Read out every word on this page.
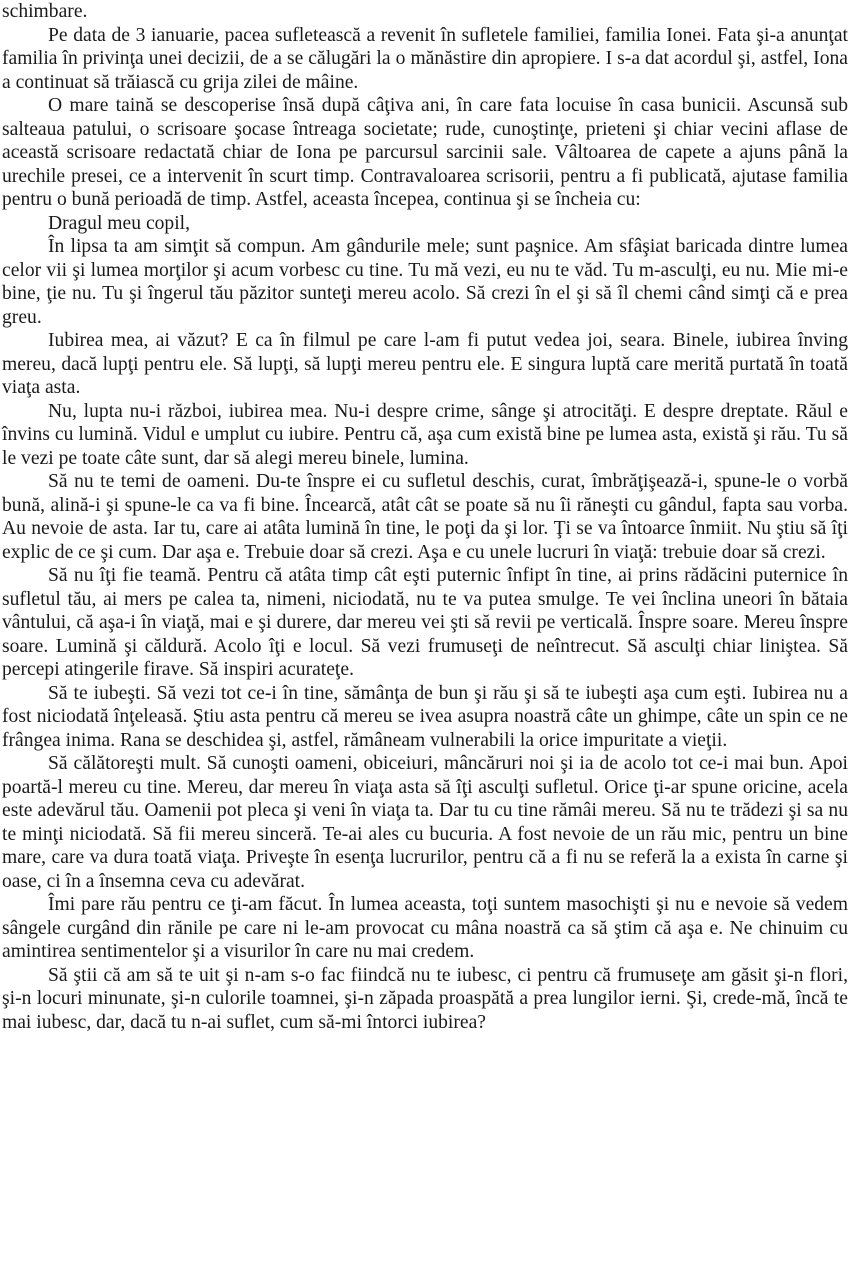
schimbare.

Pe data de 3 ianuarie, pacea sufletească a revenit în sufletele familiei, familia Ionei. Fata şi-a anunţat familia în privinţa unei decizii, de a se călugări la o mănăstire din apropiere. I s-a dat acordul şi, astfel, Iona a continuat să trăiască cu grija zilei de mâine.

O mare taină se descoperise însă după câţiva ani, în care fata locuise în casa bunicii. Ascunsă sub salteaua patului, o scrisoare şocase întreaga societate; rude, cunoştinţe, prieteni şi chiar vecini aflase de această scrisoare redactată chiar de Iona pe parcursul sarcinii sale. Vâltoarea de capete a ajuns până la urechile presei, ce a intervenit în scurt timp. Contravaloarea scrisorii, pentru a fi publicată, ajutase familia pentru o bună perioadă de timp. Astfel, aceasta începea, continua şi se încheia cu:

Dragul meu copil,

În lipsa ta am simţit să compun. Am gândurile mele; sunt paşnice. Am sfâşiat baricada dintre lumea celor vii şi lumea morţilor şi acum vorbesc cu tine. Tu mă vezi, eu nu te văd. Tu m-asculţi, eu nu. Mie mi-e bine, ţie nu. Tu şi îngerul tău păzitor sunteţi mereu acolo. Să crezi în el şi să îl chemi când simţi că e prea greu.

Iubirea mea, ai văzut? E ca în filmul pe care l-am fi putut vedea joi, seara. Binele, iubirea înving mereu, dacă lupţi pentru ele. Să lupţi, să lupţi mereu pentru ele. E singura luptă care merită purtată în toată viaţa asta.

Nu, lupta nu-i război, iubirea mea. Nu-i despre crime, sânge şi atrocităţi. E despre dreptate. Răul e învins cu lumină. Vidul e umplut cu iubire. Pentru că, aşa cum există bine pe lumea asta, există şi rău. Tu să le vezi pe toate câte sunt, dar să alegi mereu binele, lumina.

Să nu te temi de oameni. Du-te înspre ei cu sufletul deschis, curat, îmbrăţişează-i, spune-le o vorbă bună, alină-i şi spune-le ca va fi bine. Încearcă, atât cât se poate să nu îi răneşti cu gândul, fapta sau vorba. Au nevoie de asta. Iar tu, care ai atâta lumină în tine, le poţi da şi lor. Ţi se va întoarce înmiit. Nu ştiu să îţi explic de ce şi cum. Dar aşa e. Trebuie doar să crezi. Aşa e cu unele lucruri în viaţă: trebuie doar să crezi.

Să nu îţi fie teamă. Pentru că atâta timp cât eşti puternic înfipt în tine, ai prins rădăcini puternice în sufletul tău, ai mers pe calea ta, nimeni, niciodată, nu te va putea smulge. Te vei înclina uneori în bătaia vântului, că aşa-i în viaţă, mai e şi durere, dar mereu vei şti să revii pe verticală. Înspre soare. Mereu înspre soare. Lumină şi căldură. Acolo îţi e locul. Să vezi frumuseţi de neîntrecut. Să asculţi chiar liniştea. Să percepi atingerile firave. Să inspiri acurateţe.

Să te iubeşti. Să vezi tot ce-i în tine, sămânţa de bun şi rău şi să te iubeşti aşa cum eşti. Iubirea nu a fost niciodată înţeleasă. Ştiu asta pentru că mereu se ivea asupra noastră câte un ghimpe, câte un spin ce ne frângea inima. Rana se deschidea şi, astfel, rămâneam vulnerabili la orice impuritate a vieţii.

Să călătoreşti mult. Să cunoşti oameni, obiceiuri, mâncăruri noi şi ia de acolo tot ce-i mai bun. Apoi poartă-l mereu cu tine. Mereu, dar mereu în viaţa asta să îţi asculţi sufletul. Orice ţi-ar spune oricine, acela este adevărul tău. Oamenii pot pleca şi veni în viaţa ta. Dar tu cu tine rămâi mereu. Să nu te trădezi şi sa nu te minţi niciodată. Să fii mereu sinceră. Te-ai ales cu bucuria. A fost nevoie de un rău mic, pentru un bine mare, care va dura toată viaţa. Priveşte în esenţa lucrurilor, pentru că a fi nu se referă la a exista în carne şi oase, ci în a însemna ceva cu adevărat.

Îmi pare rău pentru ce ţi-am făcut. În lumea aceasta, toţi suntem masochişti şi nu e nevoie să vedem sângele curgând din rănile pe care ni le-am provocat cu mâna noastră ca să ştim că aşa e. Ne chinuim cu amintirea sentimentelor şi a visurilor în care nu mai credem.

Să ştii că am să te uit şi n-am s-o fac fiindcă nu te iubesc, ci pentru că frumuseţe am găsit şi-n flori, şi-n locuri minunate, şi-n culorile toamnei, şi-n zăpada proaspătă a prea lungilor ierni. Şi, crede-mă, încă te mai iubesc, dar, dacă tu n-ai suflet, cum să-mi întorci iubirea?
